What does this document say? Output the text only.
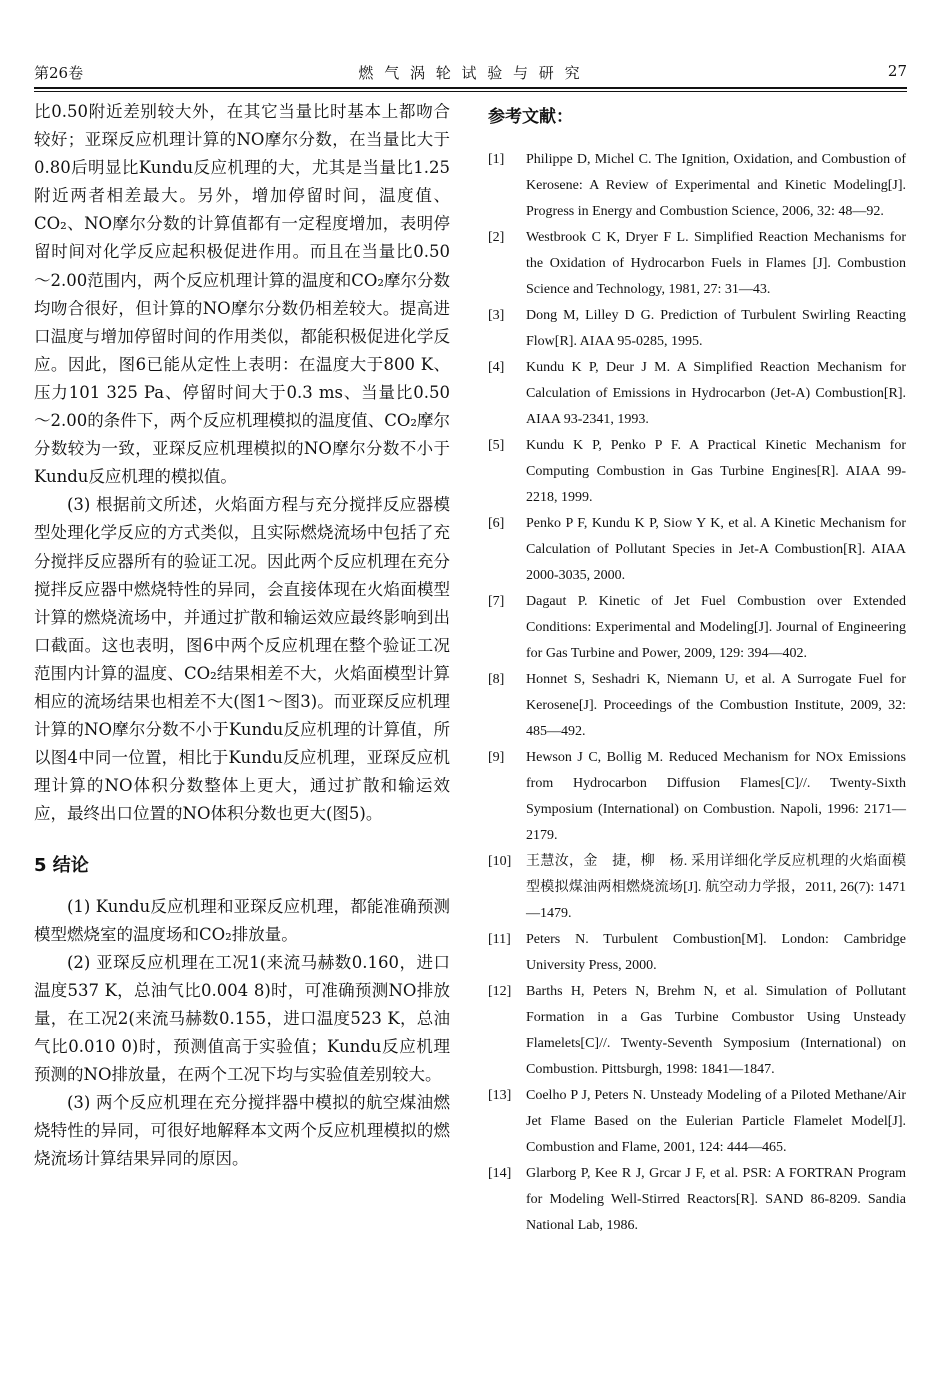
第26卷	燃 气 涡 轮 试 验 与 研 究	27

比0.50附近差别较大外，在其它当量比时基本上都吻合较好；亚琛反应机理计算的NO摩尔分数，在当量比大于0.80后明显比Kundu反应机理的大，尤其是当量比1.25附近两者相差最大。另外，增加停留时间，温度值、CO₂、NO摩尔分数的计算值都有一定程度增加，表明停留时间对化学反应起积极促进作用。而且在当量比0.50～2.00范围内，两个反应机理计算的温度和CO₂摩尔分数均吻合很好，但计算的NO摩尔分数仍相差较大。提高进口温度与增加停留时间的作用类似，都能积极促进化学反应。因此，图6已能从定性上表明：在温度大于800 K、压力101 325 Pa、停留时间大于0.3 ms、当量比0.50～2.00的条件下，两个反应机理模拟的温度值、CO₂摩尔分数较为一致，亚琛反应机理模拟的NO摩尔分数不小于Kundu反应机理的模拟值。

(3) 根据前文所述，火焰面方程与充分搅拌反应器模型处理化学反应的方式类似，且实际燃烧流场中包括了充分搅拌反应器所有的验证工况。因此两个反应机理在充分搅拌反应器中燃烧特性的异同，会直接体现在火焰面模型计算的燃烧流场中，并通过扩散和输运效应最终影响到出口截面。这也表明，图6中两个反应机理在整个验证工况范围内计算的温度、CO₂结果相差不大，火焰面模型计算相应的流场结果也相差不大(图1～图3)。而亚琛反应机理计算的NO摩尔分数不小于Kundu反应机理的计算值，所以图4中同一位置，相比于Kundu反应机理，亚琛反应机理计算的NO体积分数整体上更大，通过扩散和输运效应，最终出口位置的NO体积分数也更大(图5)。

5 结论

(1) Kundu反应机理和亚琛反应机理，都能准确预测模型燃烧室的温度场和CO₂排放量。

(2) 亚琛反应机理在工况1(来流马赫数0.160，进口温度537 K，总油气比0.004 8)时，可准确预测NO排放量，在工况2(来流马赫数0.155，进口温度523 K，总油气比0.010 0)时，预测值高于实验值；Kundu反应机理预测的NO排放量，在两个工况下均与实验值差别较大。

(3) 两个反应机理在充分搅拌器中模拟的航空煤油燃烧特性的异同，可很好地解释本文两个反应机理模拟的燃烧流场计算结果异同的原因。

参考文献：
[1] Philippe D, Michel C. The Ignition, Oxidation, and Combustion of Kerosene: A Review of Experimental and Kinetic Modeling[J]. Progress in Energy and Combustion Science, 2006, 32: 48—92.
[2] Westbrook C K, Dryer F L. Simplified Reaction Mechanisms for the Oxidation of Hydrocarbon Fuels in Flames [J]. Combustion Science and Technology, 1981, 27: 31—43.
[3] Dong M, Lilley D G. Prediction of Turbulent Swirling Reacting Flow[R]. AIAA 95-0285, 1995.
[4] Kundu K P, Deur J M. A Simplified Reaction Mechanism for Calculation of Emissions in Hydrocarbon (Jet-A) Combustion[R]. AIAA 93-2341, 1993.
[5] Kundu K P, Penko P F. A Practical Kinetic Mechanism for Computing Combustion in Gas Turbine Engines[R]. AIAA 99-2218, 1999.
[6] Penko P F, Kundu K P, Siow Y K, et al. A Kinetic Mechanism for Calculation of Pollutant Species in Jet-A Combustion[R]. AIAA 2000-3035, 2000.
[7] Dagaut P. Kinetic of Jet Fuel Combustion over Extended Conditions: Experimental and Modeling[J]. Journal of Engineering for Gas Turbine and Power, 2009, 129: 394—402.
[8] Honnet S, Seshadri K, Niemann U, et al. A Surrogate Fuel for Kerosene[J]. Proceedings of the Combustion Institute, 2009, 32: 485—492.
[9] Hewson J C, Bollig M. Reduced Mechanism for NOx Emissions from Hydrocarbon Diffusion Flames[C]//. Twenty-Sixth Symposium (International) on Combustion. Napoli, 1996: 2171—2179.
[10] 王慧汝，金　捷，柳　杨. 采用详细化学反应机理的火焰面模型模拟煤油两相燃烧流场[J]. 航空动力学报，2011, 26(7): 1471—1479.
[11] Peters N. Turbulent Combustion[M]. London: Cambridge University Press, 2000.
[12] Barths H, Peters N, Brehm N, et al. Simulation of Pollutant Formation in a Gas Turbine Combustor Using Unsteady Flamelets[C]//. Twenty-Seventh Symposium (International) on Combustion. Pittsburgh, 1998: 1841—1847.
[13] Coelho P J, Peters N. Unsteady Modeling of a Piloted Methane/Air Jet Flame Based on the Eulerian Particle Flamelet Model[J]. Combustion and Flame, 2001, 124: 444—465.
[14] Glarborg P, Kee R J, Grcar J F, et al. PSR: A FORTRAN Program for Modeling Well-Stirred Reactors[R]. SAND 86-8209. Sandia National Lab, 1986.
